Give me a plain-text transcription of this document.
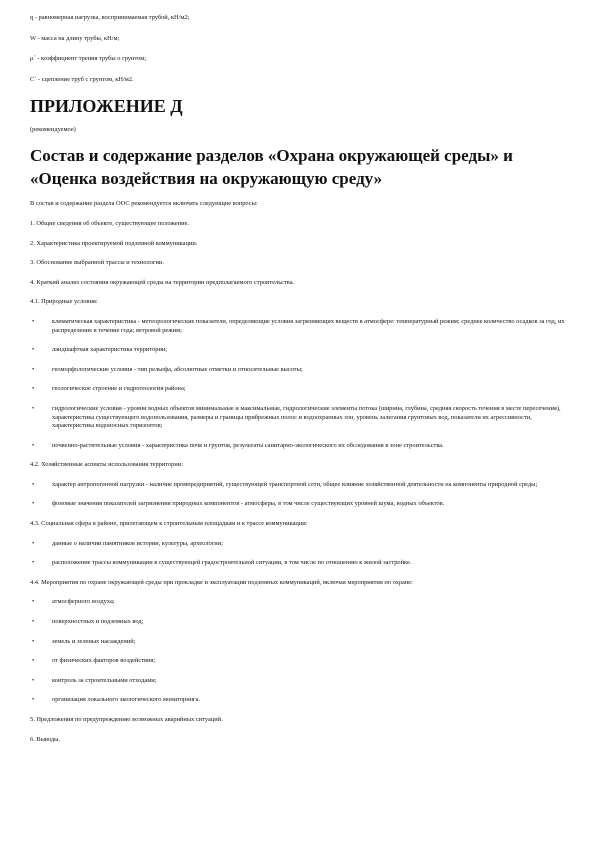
q - равномерная нагрузка, воспринимаемая трубой, кН/м2;

W - масса на длину трубы, кН/м;

μ´ - коэффициент трения трубы о грунтом;

С´ - сцепление труб с грунтом, кН/м2.

ПРИЛОЖЕНИЕ Д

(рекомендуемое)

Состав и содержание разделов «Охрана окружающей среды» и «Оценка воздействия на окружающую среду»

В состав и содержание раздела ООС рекомендуется включать следующие вопросы:

1. Общие сведения об объекте, существующее положение.

2. Характеристика проектируемой подземной коммуникации.

3. Обоснование выбранной трассы и технологии.

4. Краткий анализ состояния окружающей среды на территории предполагаемого строительства.

4.1. Природные условия:

•	климатическая характеристика - метеорологические показатели, определяющие условия загрязняющих веществ в атмосфере: температурный режим; среднее количество осадков за год, их распределение в течение года; ветровой режим;
•	ландшафтная характеристика территории;
•	геоморфологические условия - тип рельефа, абсолютные отметки и относительные высоты;
•	геологическое строение и гидрогеология района;
•	гидрологические условия - уровни водных объектов минимальные и максимальные, гидрологические элементы потока (ширина, глубина, средняя скорость течения в месте пересечения), характеристика существующего водопользования, размеры и границы прибрежных полос и водоохранных зон, уровень залегания грунтовых вод, показатели их агрессивности, характеристика водоносных горизонтов;
•	почвенно-растительные условия - характеристика почв и грунтов, результаты санитарно-экологического их обследования в зоне строительства.

4.2. Хозяйственные аспекты использования территории:

•	характер антропогенной нагрузки - наличие промпредприятий, существующей транспортной сети, общее влияние хозяйственной деятельности на компоненты природной среды;
•	фоновые значения показателей загрязнения природных компонентов - атмосферы, в том числе существующих уровней шума, водных объектов.

4.3. Социальная сфера в районе, прилегающем к строительным площадкам и к трассе коммуникации:

•	данные о наличии памятников истории, культуры, археологии;
•	расположение трассы коммуникации в существующей градостроительной ситуации, в том числе по отношению к жилой застройке.

4.4. Мероприятия по охране окружающей среды при прокладке и эксплуатации подземных коммуникаций, включая мероприятия по охране:

•	атмосферного воздуха;
•	поверхностных и подземных вод;
•	земель и зеленых насаждений;
•	от физических факторов воздействия;
•	контроль за строительными отходами;
•	организация локального экологического мониторинга.

5. Предложения по предупреждению возможных аварийных ситуаций.

6. Выводы.
